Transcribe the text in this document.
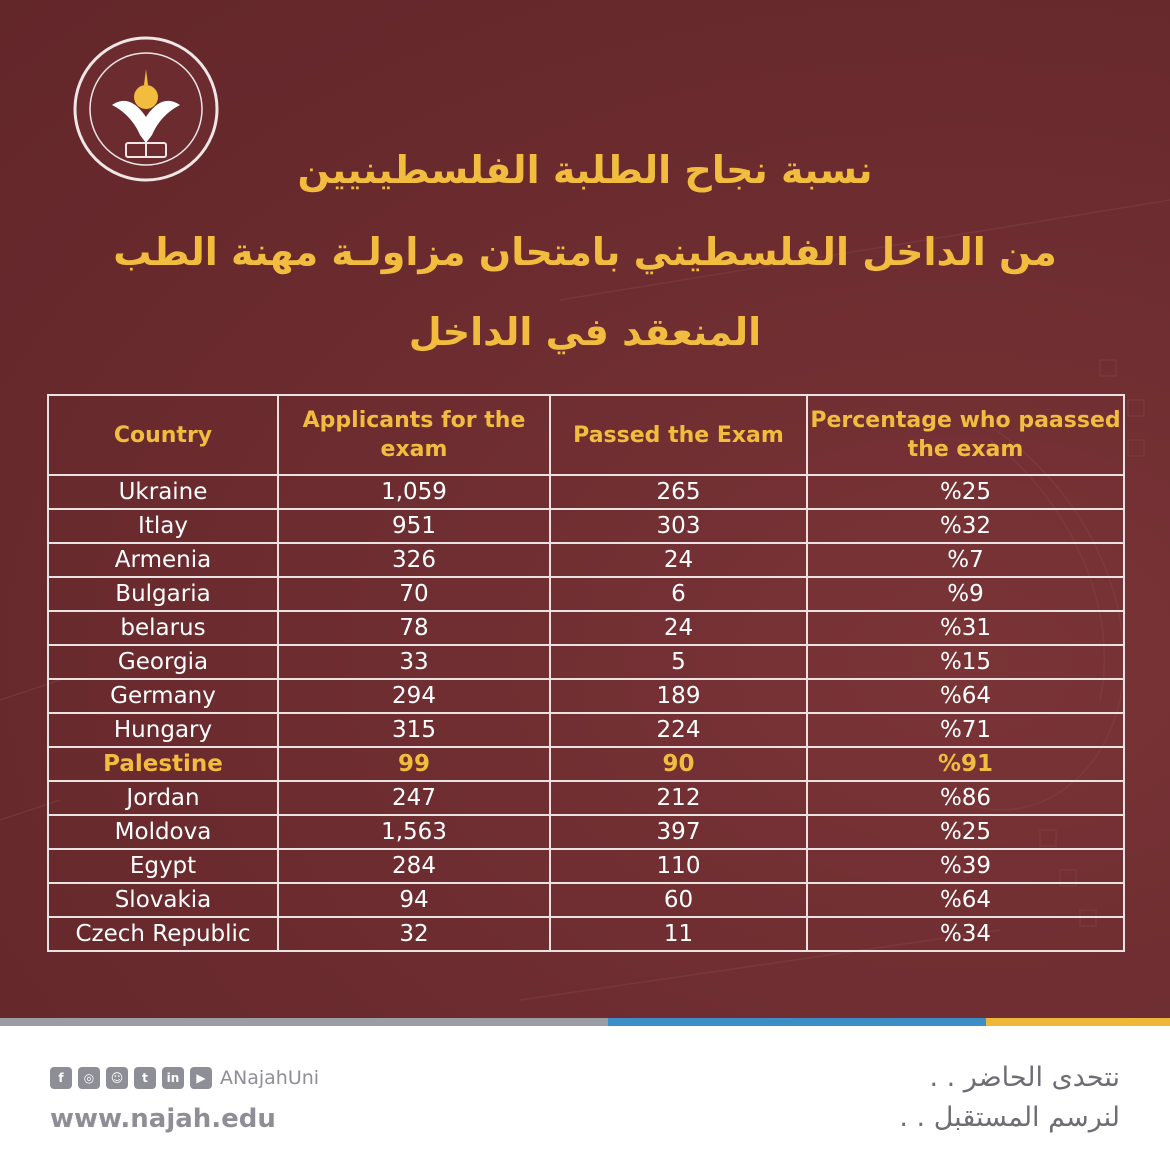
نسبة نجاح الطلبة الفلسطينيين
من الداخل الفلسطيني بامتحان مزاولـة مهنة الطب
المنعقد في الداخل
Country	Applicants for the exam	Passed the Exam	Percentage who paassed the exam
Ukraine	1,059	265	%25
Itlay	951	303	%32
Armenia	326	24	%7
Bulgaria	70	6	%9
belarus	78	24	%31
Georgia	33	5	%15
Germany	294	189	%64
Hungary	315	224	%71
Palestine	99	90	%91
Jordan	247	212	%86
Moldova	1,563	397	%25
Egypt	284	110	%39
Slovakia	94	60	%64
Czech Republic	32	11	%34
f	◎	☺	t	in	▶ ANajahUni
www.najah.edu
نتحدى الحاضر . .
لنرسم المستقبل . .
